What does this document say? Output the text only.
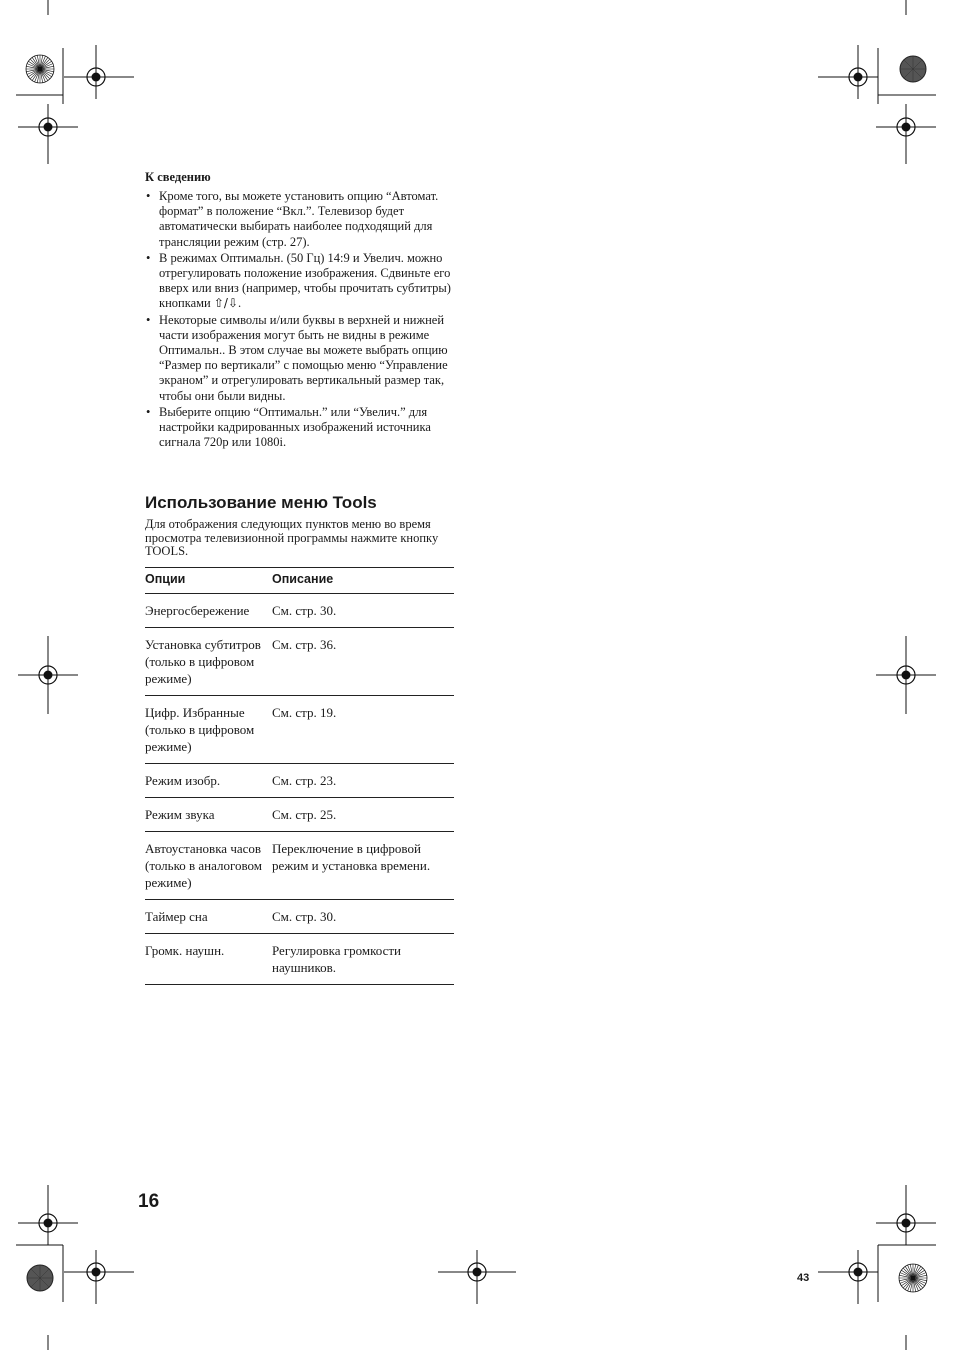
К сведению
• Кроме того, вы можете установить опцию “Автомат. формат” в положение “Вкл.”. Телевизор будет автоматически выбирать наиболее подходящий для трансляции режим (стр. 27).
• В режимах Оптимальн. (50 Гц) 14:9 и Увелич. можно отрегулировать положение изображения. Сдвиньте его вверх или вниз (например, чтобы прочитать субтитры) кнопками ⇧/⇩.
• Некоторые символы и/или буквы в верхней и нижней части изображения могут быть не видны в режиме Оптимальн.. В этом случае вы можете выбрать опцию “Размер по вертикали” с помощью меню “Управление экраном” и отрегулировать вертикальный размер так, чтобы они были видны.
• Выберите опцию “Оптимальн.” или “Увелич.” для настройки кадрированных изображений источника сигнала 720p или 1080i.
Использование меню Tools

Для отображения следующих пунктов меню во время просмотра телевизионной программы нажмите кнопку TOOLS.

Опции	Описание
Энергосбережение	См. стр. 30.
Установка субтитров (только в цифровом режиме)	См. стр. 36.
Цифр. Избранные (только в цифровом режиме)	См. стр. 19.
Режим изобр.	См. стр. 23.
Режим звука	См. стр. 25.
Автоустановка часов (только в аналоговом режиме)	Переключение в цифровой режим и установка времени.
Таймер сна	См. стр. 30.
Громк. наушн.	Регулировка громкости наушников.
16
43
